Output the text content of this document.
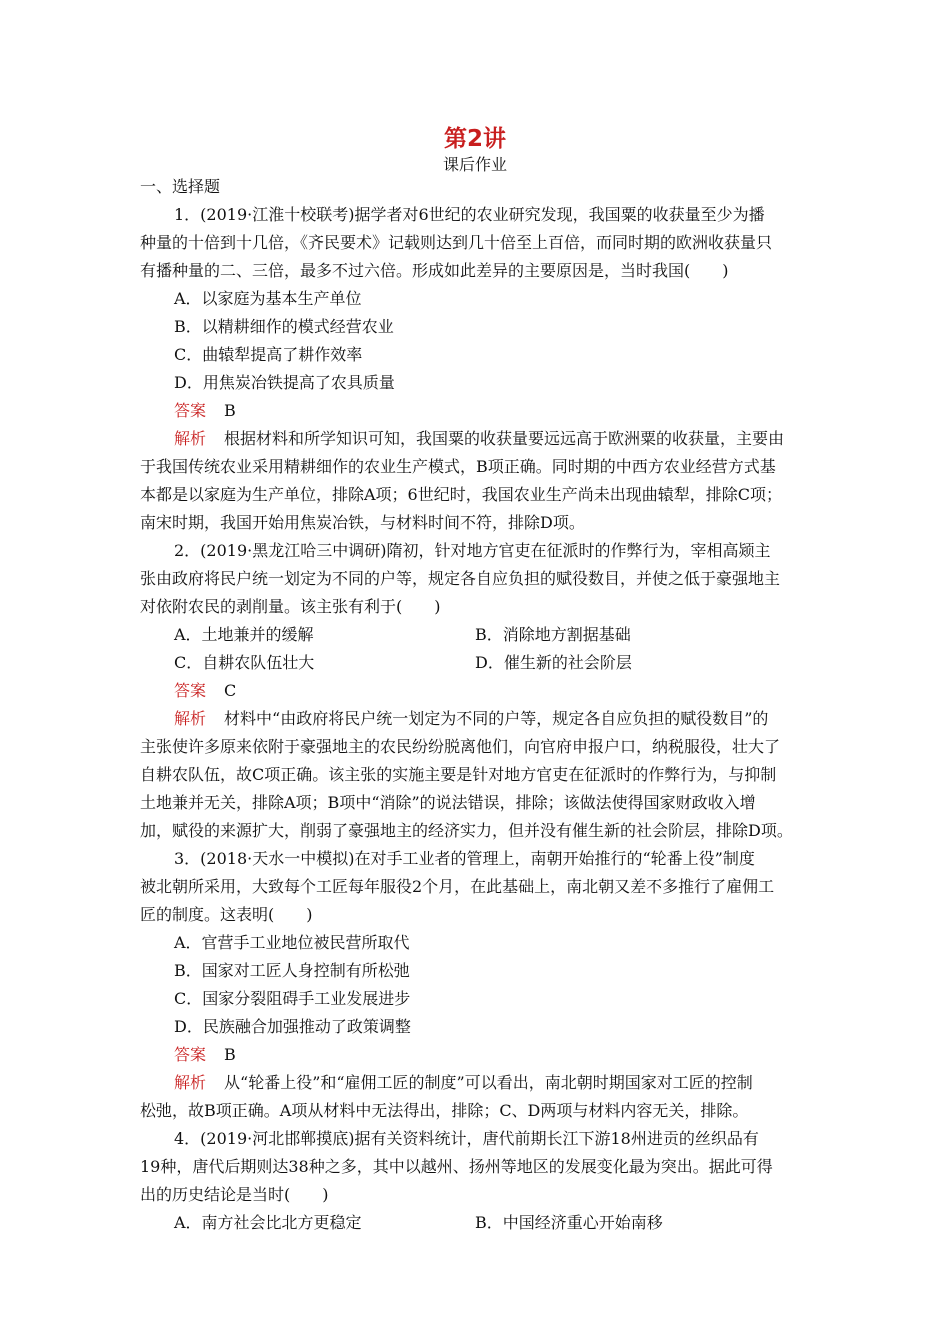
第2讲
课后作业
一、选择题
1．(2019·江淮十校联考)据学者对6世纪的农业研究发现，我国粟的收获量至少为播
种量的十倍到十几倍，《齐民要术》记载则达到几十倍至上百倍，而同时期的欧洲收获量只
有播种量的二、三倍，最多不过六倍。形成如此差异的主要原因是，当时我国(　　)
A．以家庭为基本生产单位
B．以精耕细作的模式经营农业
C．曲辕犁提高了耕作效率
D．用焦炭冶铁提高了农具质量
答案 B
解析 根据材料和所学知识可知，我国粟的收获量要远远高于欧洲粟的收获量，主要由
于我国传统农业采用精耕细作的农业生产模式，B项正确。同时期的中西方农业经营方式基
本都是以家庭为生产单位，排除A项；6世纪时，我国农业生产尚未出现曲辕犁，排除C项；
南宋时期，我国开始用焦炭冶铁，与材料时间不符，排除D项。
2．(2019·黑龙江哈三中调研)隋初，针对地方官吏在征派时的作弊行为，宰相高颎主
张由政府将民户统一划定为不同的户等，规定各自应负担的赋役数目，并使之低于豪强地主
对依附农民的剥削量。该主张有利于(　　)
A．土地兼并的缓解	B．消除地方割据基础
C．自耕农队伍壮大	D．催生新的社会阶层
答案 C
解析 材料中“由政府将民户统一划定为不同的户等，规定各自应负担的赋役数目”的
主张使许多原来依附于豪强地主的农民纷纷脱离他们，向官府申报户口，纳税服役，壮大了
自耕农队伍，故C项正确。该主张的实施主要是针对地方官吏在征派时的作弊行为，与抑制
土地兼并无关，排除A项；B项中“消除”的说法错误，排除；该做法使得国家财政收入增
加，赋役的来源扩大，削弱了豪强地主的经济实力，但并没有催生新的社会阶层，排除D项。
3．(2018·天水一中模拟)在对手工业者的管理上，南朝开始推行的“轮番上役”制度
被北朝所采用，大致每个工匠每年服役2个月，在此基础上，南北朝又差不多推行了雇佣工
匠的制度。这表明(　　)
A．官营手工业地位被民营所取代
B．国家对工匠人身控制有所松弛
C．国家分裂阻碍手工业发展进步
D．民族融合加强推动了政策调整
答案 B
解析 从“轮番上役”和“雇佣工匠的制度”可以看出，南北朝时期国家对工匠的控制
松弛，故B项正确。A项从材料中无法得出，排除；C、D两项与材料内容无关，排除。
4．(2019·河北邯郸摸底)据有关资料统计，唐代前期长江下游18州进贡的丝织品有
19种，唐代后期则达38种之多，其中以越州、扬州等地区的发展变化最为突出。据此可得
出的历史结论是当时(　　)
A．南方社会比北方更稳定	B．中国经济重心开始南移
